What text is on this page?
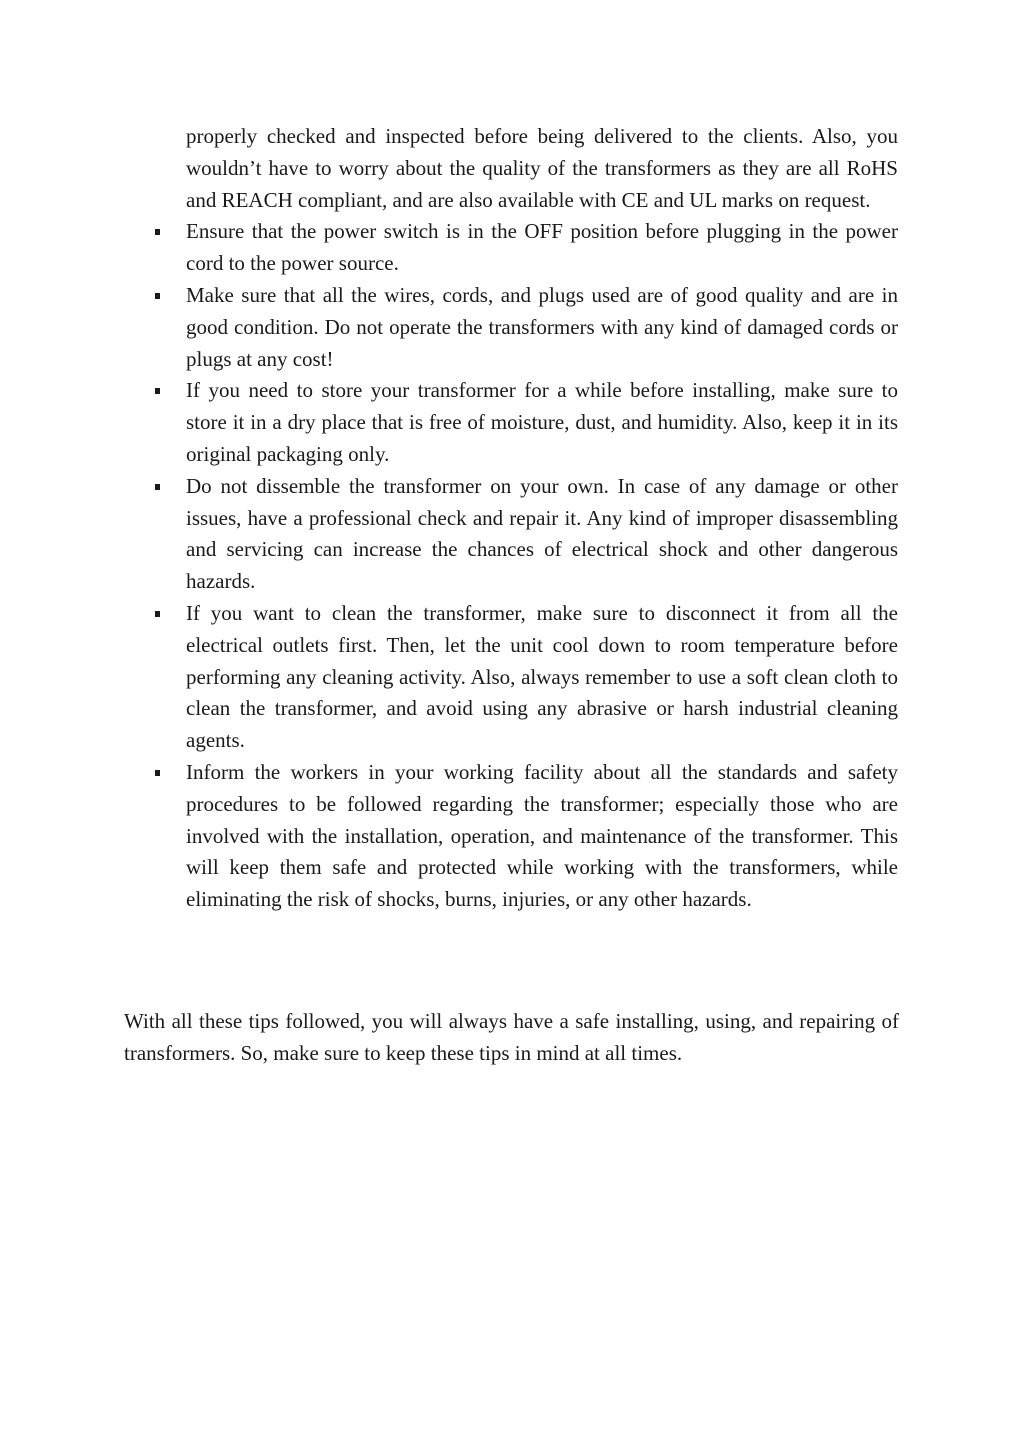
properly checked and inspected before being delivered to the clients. Also, you wouldn’t have to worry about the quality of the transformers as they are all RoHS and REACH compliant, and are also available with CE and UL marks on request.
Ensure that the power switch is in the OFF position before plugging in the power cord to the power source.
Make sure that all the wires, cords, and plugs used are of good quality and are in good condition. Do not operate the transformers with any kind of damaged cords or plugs at any cost!
If you need to store your transformer for a while before installing, make sure to store it in a dry place that is free of moisture, dust, and humidity. Also, keep it in its original packaging only.
Do not dissemble the transformer on your own. In case of any damage or other issues, have a professional check and repair it. Any kind of improper disassembling and servicing can increase the chances of electrical shock and other dangerous hazards.
If you want to clean the transformer, make sure to disconnect it from all the electrical outlets first. Then, let the unit cool down to room temperature before performing any cleaning activity. Also, always remember to use a soft clean cloth to clean the transformer, and avoid using any abrasive or harsh industrial cleaning agents.
Inform the workers in your working facility about all the standards and safety procedures to be followed regarding the transformer; especially those who are involved with the installation, operation, and maintenance of the transformer. This will keep them safe and protected while working with the transformers, while eliminating the risk of shocks, burns, injuries, or any other hazards.

With all these tips followed, you will always have a safe installing, using, and repairing of transformers. So, make sure to keep these tips in mind at all times.
